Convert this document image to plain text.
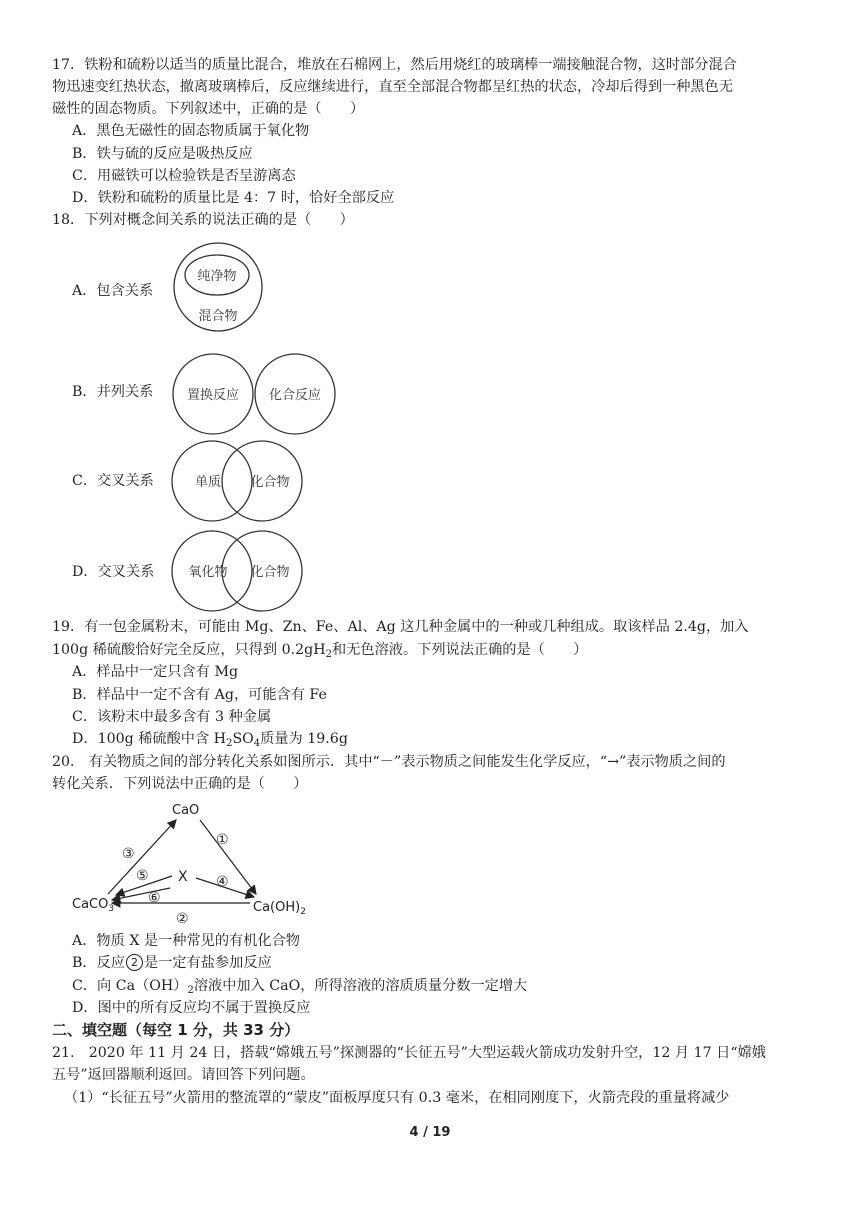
17．铁粉和硫粉以适当的质量比混合，堆放在石棉网上，然后用烧红的玻璃棒一端接触混合物，这时部分混合
物迅速变红热状态，撤离玻璃棒后，反应继续进行，直至全部混合物都呈红热的状态，冷却后得到一种黑色无
磁性的固态物质。下列叙述中，正确的是（　　）
A．黑色无磁性的固态物质属于氧化物
B．铁与硫的反应是吸热反应
C．用磁铁可以检验铁是否呈游离态
D．铁粉和硫粉的质量比是 4：7 时，恰好全部反应
18．下列对概念间关系的说法正确的是（　　）
A．包含关系
纯净物
混合物
B．并列关系	置换反应 化合反应
C．交叉关系	单质 化合物
D．交叉关系	氧化物 化合物
19．有一包金属粉末，可能由 Mg、Zn、Fe、Al、Ag 这几种金属中的一种或几种组成。取该样品 2.4g，加入
100g 稀硫酸恰好完全反应，只得到 $0.2gH_2$和无色溶液。下列说法正确的是（　　）
A．样品中一定只含有 Mg
B．样品中一定不含有 Ag，可能含有 Fe
C．该粉末中最多含有 3 种金属
D．100g 稀硫酸中含 $H_2SO_4$质量为 19.6g
20.　有关物质之间的部分转化关系如图所示．其中“－”表示物质之间能发生化学反应，“→”表示物质之间的
转化关系．下列说法中正确的是（　　）
CaO
X
CaCO$_3$	$Ca(OH)_2$
③
①
⑤
⑥
④
②
A．物质 X 是一种常见的有机化合物
B．反应 2 是一定有盐参加反应
C．向 $Ca(OH)_2$溶液中加入 CaO，所得溶液的溶质质量分数一定增大
D．图中的所有反应均不属于置换反应
二、填空题（每空 1 分，共 33 分）
21.　2020 年 11 月 24 日，搭载“嫦娥五号”探测器的“长征五号”大型运载火箭成功发射升空，12 月 17 日“嫦娥
五号”返回器顺利返回。请回答下列问题。
（1）“长征五号”火箭用的整流罩的“蒙皮”面板厚度只有 0.3 毫米，在相同刚度下，火箭壳段的重量将减少
4 / 19
